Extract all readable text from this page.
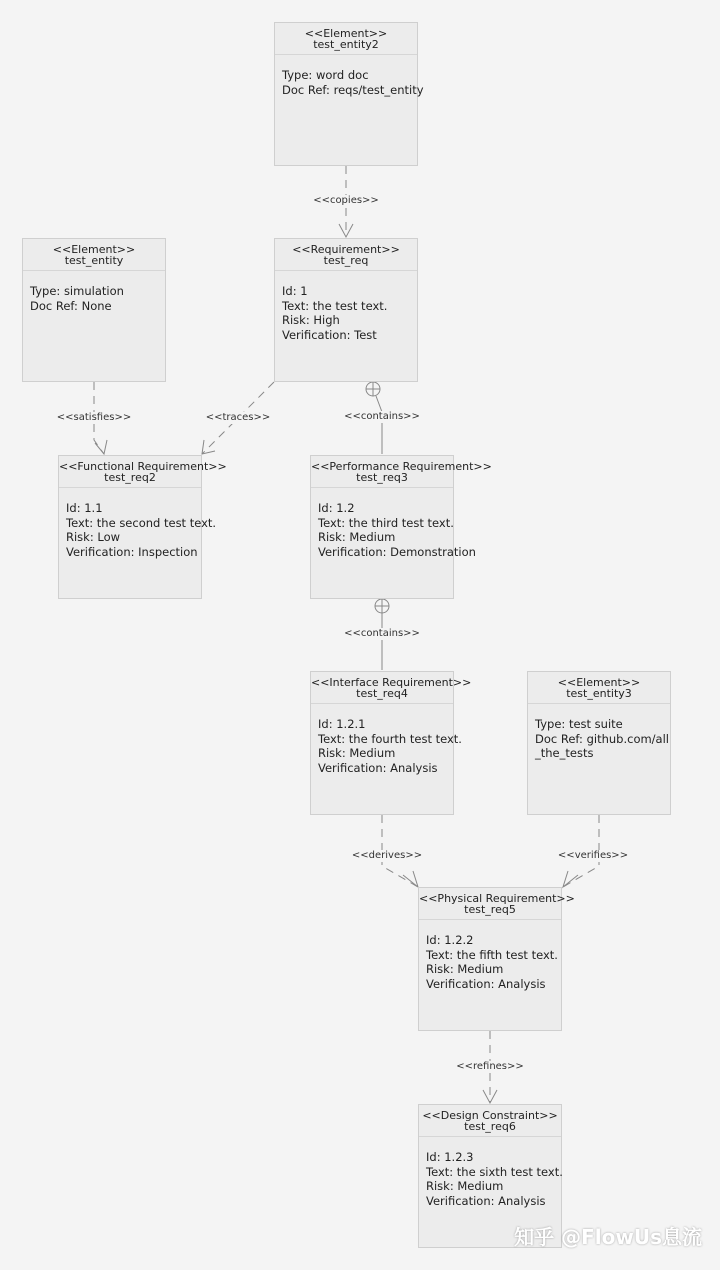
<<copies>>
<<satisfies>>	<<traces>>	<<contains>>
<<contains>>
<<derives>>	<<verifies>>
<<refines>>
<<Element>>
test_entity2
Type: word doc
Doc Ref: reqs/test_entity
<<Element>>
test_entity
Type: simulation
Doc Ref: None
<<Requirement>>
test_req
Id: 1
Text: the test text.
Risk: High
Verification: Test
<<Functional Requirement>>
test_req2
Id: 1.1
Text: the second test text.
Risk: Low
Verification: Inspection
<<Performance Requirement>>
test_req3
Id: 1.2
Text: the third test text.
Risk: Medium
Verification: Demonstration
<<Interface Requirement>>
test_req4
Id: 1.2.1
Text: the fourth test text.
Risk: Medium
Verification: Analysis
<<Element>>
test_entity3
Type: test suite
Doc Ref: github.com/all_the_tests
<<Physical Requirement>>
test_req5
Id: 1.2.2
Text: the fifth test text.
Risk: Medium
Verification: Analysis
<<Design Constraint>>
test_req6
Id: 1.2.3
Text: the sixth test text.
Risk: Medium
Verification: Analysis
知乎 @FlowUs息流
